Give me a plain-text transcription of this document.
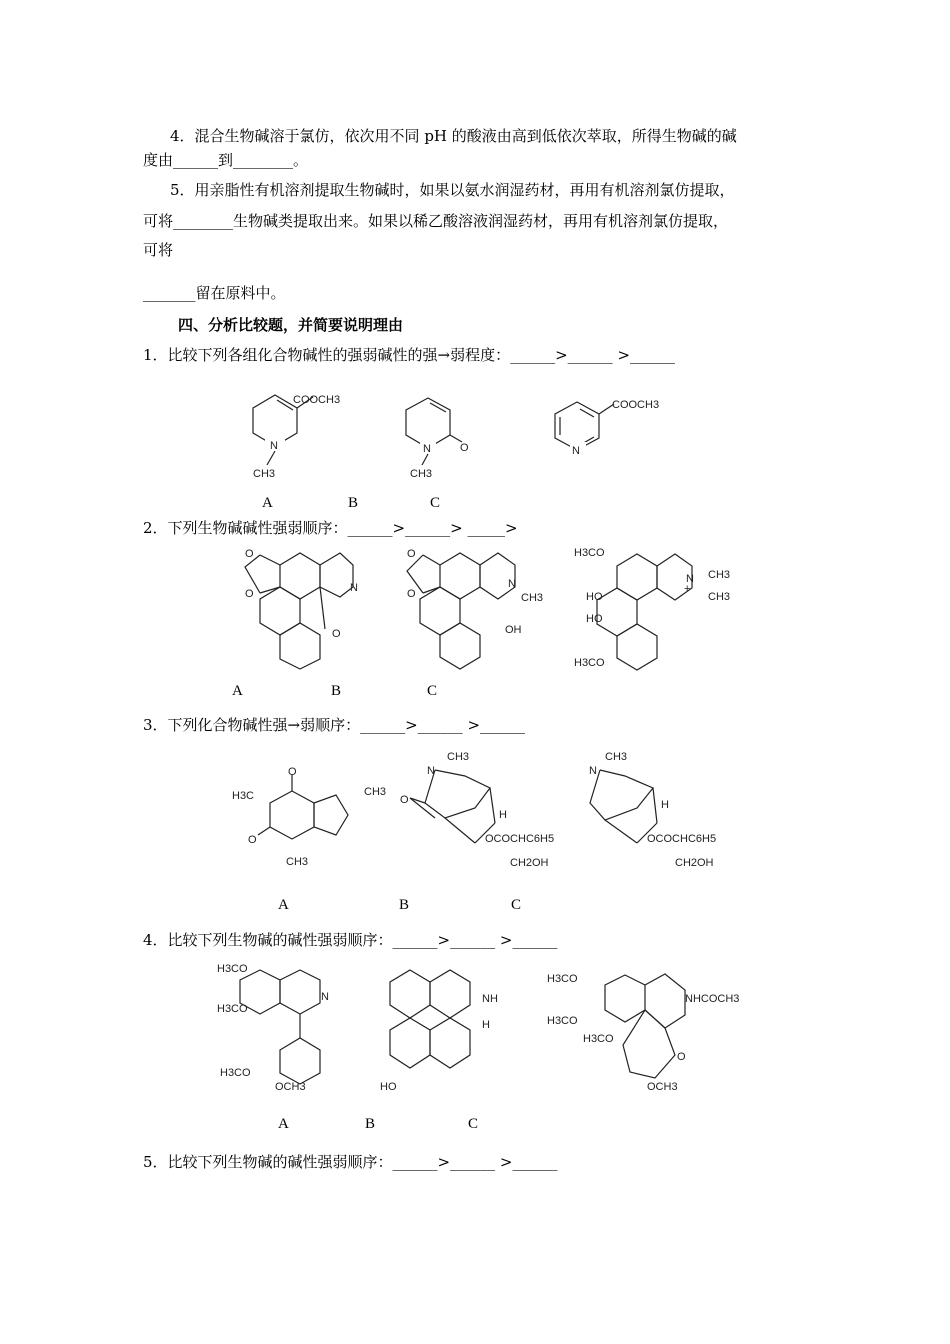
4．混合生物碱溶于氯仿，依次用不同 pH 的酸液由高到低依次萃取，所得生物碱的碱
度由______到________。
5．用亲脂性有机溶剂提取生物碱时，如果以氨水润湿药材，再用有机溶剂氯仿提取，
可将________生物碱类提取出来。如果以稀乙酸溶液润湿药材，再用有机溶剂氯仿提取，
可将
_______留在原料中。
四、分析比较题，并简要说明理由
1．比较下列各组化合物碱性的强弱碱性的强→弱程度：______>______ >______
N
CH3
COOCH3
O
N
CH3
N
COOCH3
A	B	C
2．下列生物碱碱性强弱顺序：______>______> _____>
O
O	N
O
O
O
N
CH3
OH
H3CO
HO
HO
H3CO
N
+
CH3
CH3
A	B	C
3．下列化合物碱性强→弱顺序：______>______ >______
O
O
H3C
CH3
CH3
O
N
CH3
H
OCOCHC6H5
CH2OH
N
CH3
H
OCOCHC6H5
CH2OH
A	B	C
4．比较下列生物碱的碱性强弱顺序：______>______ >______
H3CO
H3CO
N
H3CO
OCH3
NH
H
HO
H3CO
H3CO
H3CO
NHCOCH3
O
OCH3
A	B	C
5．比较下列生物碱的碱性强弱顺序：______>______ >______
